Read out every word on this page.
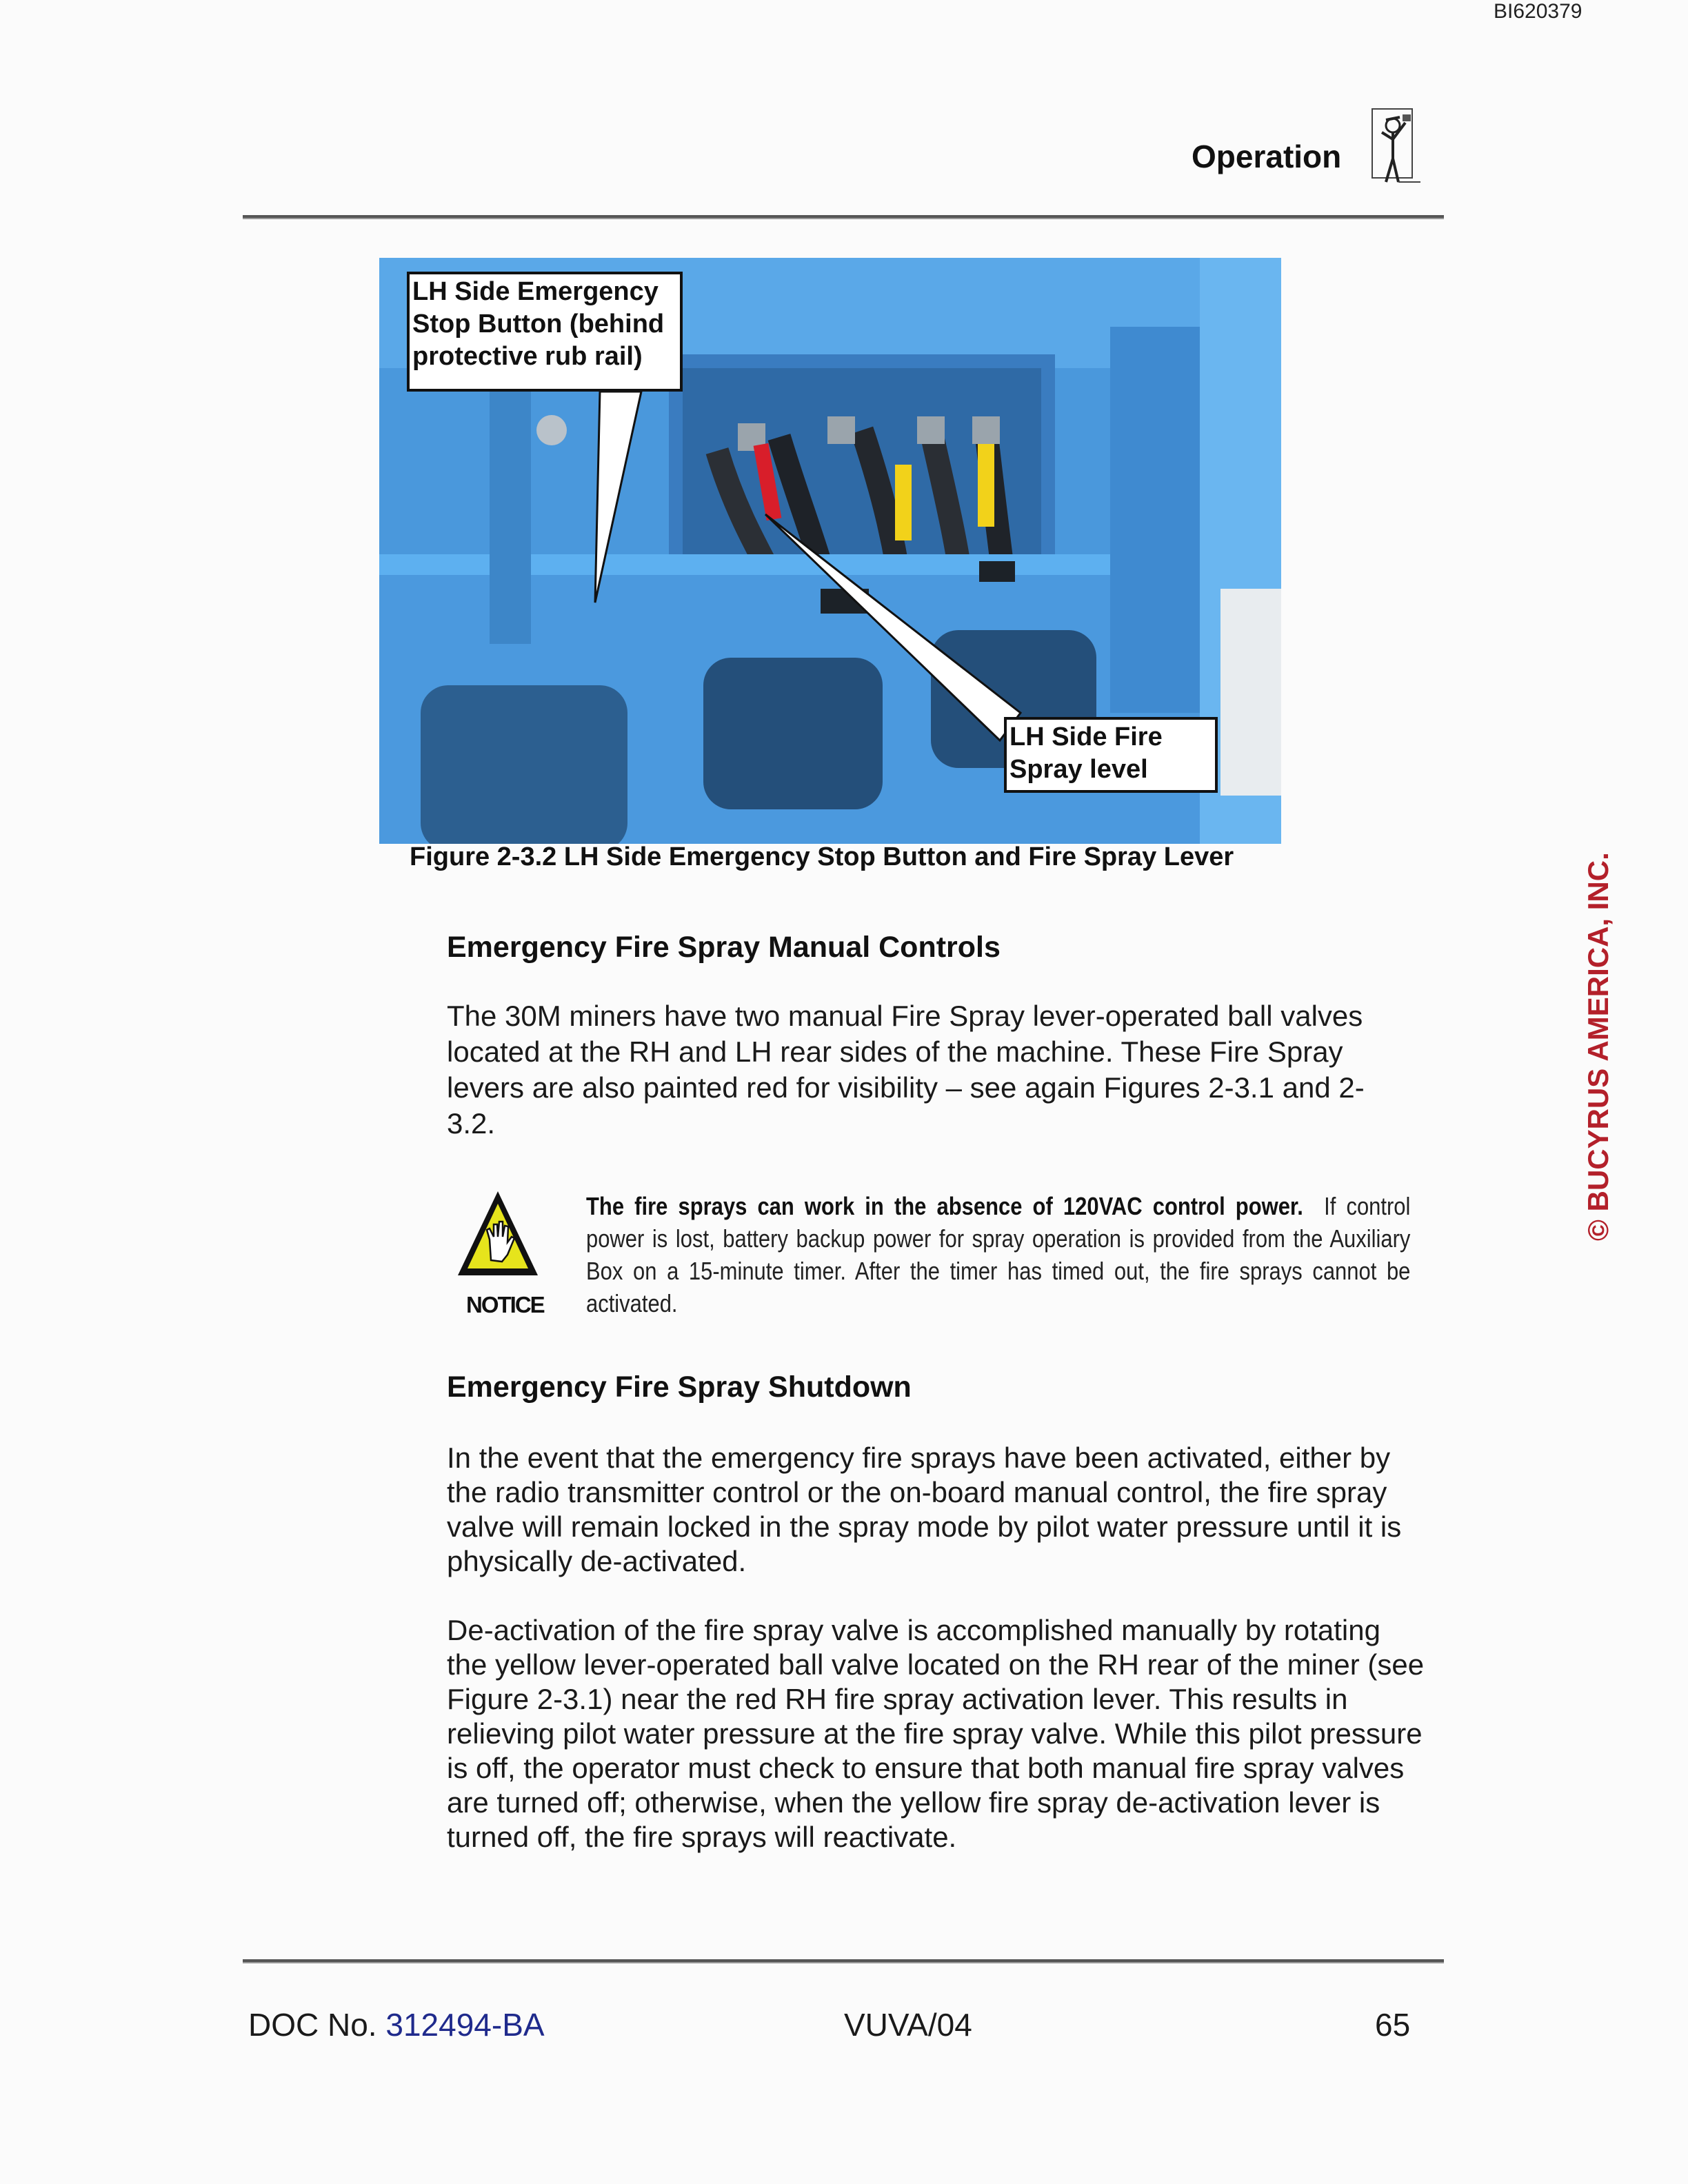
BI620379
Operation
LH Side Emergency Stop Button (behind protective rub rail)
LH Side Fire Spray level
Figure 2-3.2 LH Side Emergency Stop Button and Fire Spray Lever
Emergency Fire Spray Manual Controls

The 30M miners have two manual Fire Spray lever-operated ball valves located at the RH and LH rear sides of the machine. These Fire Spray levers are also painted red for visibility – see again Figures 2-3.1 and 2-3.2.

NOTICE

The fire sprays can work in the absence of 120VAC control power. If control power is lost, battery backup power for spray operation is provided from the Auxiliary Box on a 15-minute timer. After the timer has timed out, the fire sprays cannot be activated.

Emergency Fire Spray Shutdown

In the event that the emergency fire sprays have been activated, either by the radio transmitter control or the on-board manual control, the fire spray valve will remain locked in the spray mode by pilot water pressure until it is physically de-activated.

De-activation of the fire spray valve is accomplished manually by rotating the yellow lever-operated ball valve located on the RH rear of the miner (see Figure 2-3.1) near the red RH fire spray activation lever. This results in relieving pilot water pressure at the fire spray valve. While this pilot pressure is off, the operator must check to ensure that both manual fire spray valves are turned off; otherwise, when the yellow fire spray de-activation lever is turned off, the fire sprays will reactivate.

© BUCYRUS AMERICA, INC.
DOC No. 312494-BA	VUVA/04	65
